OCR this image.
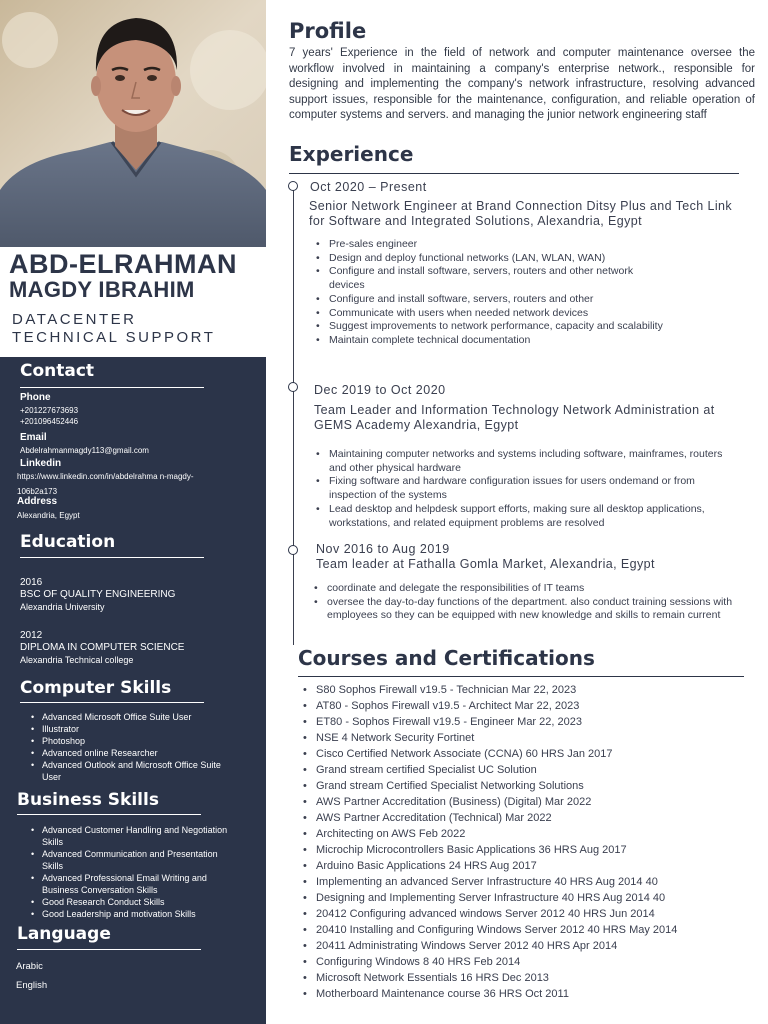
ABD-ELRAHMAN
MAGDY IBRAHIM
DATACENTER
TECHNICAL SUPPORT
Contact
Phone
+201227673693
+201096452446
Email
Abdelrahmanmagdy113@gmail.com
Linkedin
https://www.linkedin.com/in/abdelrahma n-magdy-
106b2a173
Address
Alexandria, Egypt
Education
2016
BSC OF QUALITY ENGINEERING
Alexandria University
2012
DIPLOMA IN COMPUTER SCIENCE
Alexandria Technical college
Computer Skills
• Advanced Microsoft Office Suite User
• Illustrator
• Photoshop
• Advanced online Researcher
• Advanced Outlook and Microsoft Office Suite User
Business Skills
• Advanced Customer Handling and Negotiation Skills
• Advanced Communication and Presentation Skills
• Advanced Professional Email Writing and Business Conversation Skills
• Good Research Conduct Skills
• Good Leadership and motivation Skills
Language
Arabic
English
Profile
7 years' Experience in the field of network and computer maintenance oversee the workflow involved in maintaining a company's enterprise network., responsible for designing and implementing the company's network infrastructure, resolving advanced support issues, responsible for the maintenance, configuration, and reliable operation of computer systems and servers. and managing the junior network engineering staff
Experience
Oct 2020 – Present
Senior Network Engineer at Brand Connection Ditsy Plus and Tech Link for Software and Integrated Solutions, Alexandria, Egypt
• Pre-sales engineer
• Design and deploy functional networks (LAN, WLAN, WAN)
• Configure and install software, servers, routers and other network devices
• Configure and install software, servers, routers and other
• Communicate with users when needed network devices
• Suggest improvements to network performance, capacity and scalability
• Maintain complete technical documentation
Dec 2019 to Oct 2020
Team Leader and Information Technology Network Administration at GEMS Academy Alexandria, Egypt
• Maintaining computer networks and systems including software, mainframes, routers and other physical hardware
• Fixing software and hardware configuration issues for users ondemand or from inspection of the systems
• Lead desktop and helpdesk support efforts, making sure all desktop applications, workstations, and related equipment problems are resolved
Nov 2016 to Aug 2019
Team leader at Fathalla Gomla Market, Alexandria, Egypt
• coordinate and delegate the responsibilities of IT teams
• oversee the day-to-day functions of the department. also conduct training sessions with employees so they can be equipped with new knowledge and skills to remain current
Courses and Certifications
• S80 Sophos Firewall v19.5 - Technician Mar 22, 2023
• AT80 - Sophos Firewall v19.5 - Architect Mar 22, 2023
• ET80 - Sophos Firewall v19.5 - Engineer Mar 22, 2023
• NSE 4 Network Security Fortinet
• Cisco Certified Network Associate (CCNA) 60 HRS Jan 2017
• Grand stream certified Specialist UC Solution
• Grand stream Certified Specialist Networking Solutions
• AWS Partner Accreditation (Business) (Digital) Mar 2022
• AWS Partner Accreditation (Technical) Mar 2022
• Architecting on AWS Feb 2022
• Microchip Microcontrollers Basic Applications 36 HRS Aug 2017
• Arduino Basic Applications 24 HRS Aug 2017
• Implementing an advanced Server Infrastructure 40 HRS Aug 2014 40
• Designing and Implementing Server Infrastructure 40 HRS Aug 2014 40
• 20412 Configuring advanced windows Server 2012 40 HRS Jun 2014
• 20410 Installing and Configuring Windows Server 2012 40 HRS May 2014
• 20411 Administrating Windows Server 2012 40 HRS Apr 2014
• Configuring Windows 8 40 HRS Feb 2014
• Microsoft Network Essentials 16 HRS Dec 2013
• Motherboard Maintenance course 36 HRS Oct 2011
